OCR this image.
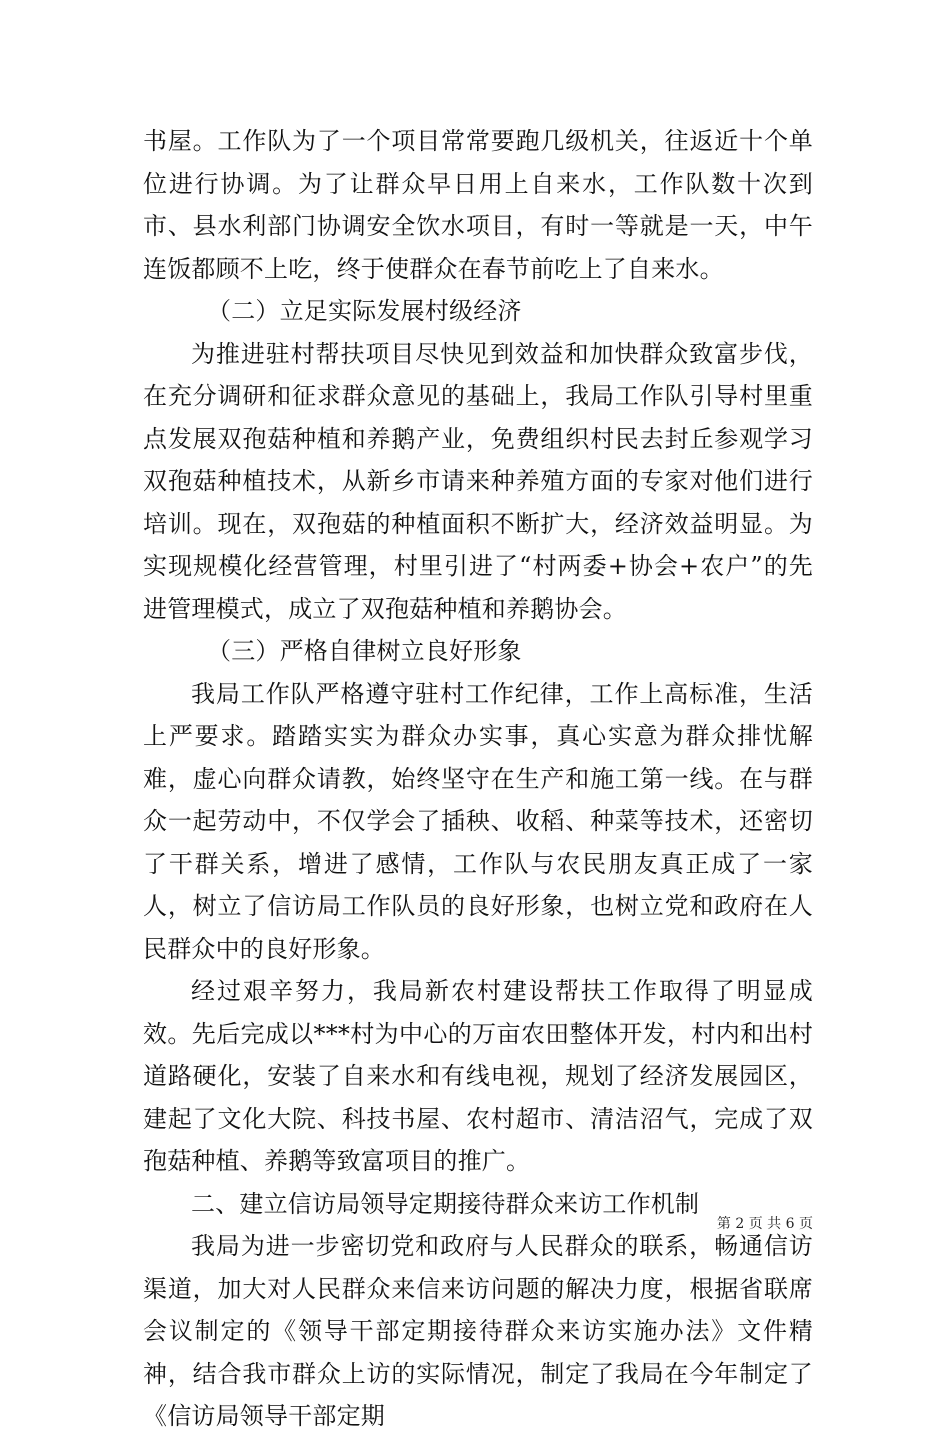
书屋。工作队为了一个项目常常要跑几级机关，往返近十个单位进行协调。为了让群众早日用上自来水，工作队数十次到市、县水利部门协调安全饮水项目，有时一等就是一天，中午连饭都顾不上吃，终于使群众在春节前吃上了自来水。

（二）立足实际发展村级经济

为推进驻村帮扶项目尽快见到效益和加快群众致富步伐，在充分调研和征求群众意见的基础上，我局工作队引导村里重点发展双孢菇种植和养鹅产业，免费组织村民去封丘参观学习双孢菇种植技术，从新乡市请来种养殖方面的专家对他们进行培训。现在，双孢菇的种植面积不断扩大，经济效益明显。为实现规模化经营管理，村里引进了“村两委+协会+农户”的先进管理模式，成立了双孢菇种植和养鹅协会。

（三）严格自律树立良好形象

我局工作队严格遵守驻村工作纪律，工作上高标准，生活上严要求。踏踏实实为群众办实事，真心实意为群众排忧解难，虚心向群众请教，始终坚守在生产和施工第一线。在与群众一起劳动中，不仅学会了插秧、收稻、种菜等技术，还密切了干群关系，增进了感情，工作队与农民朋友真正成了一家人，树立了信访局工作队员的良好形象，也树立党和政府在人民群众中的良好形象。

经过艰辛努力，我局新农村建设帮扶工作取得了明显成效。先后完成以***村为中心的万亩农田整体开发，村内和出村道路硬化，安装了自来水和有线电视，规划了经济发展园区，建起了文化大院、科技书屋、农村超市、清洁沼气，完成了双孢菇种植、养鹅等致富项目的推广。

二、建立信访局领导定期接待群众来访工作机制

我局为进一步密切党和政府与人民群众的联系，畅通信访渠道，加大对人民群众来信来访问题的解决力度，根据省联席会议制定的《领导干部定期接待群众来访实施办法》文件精神，结合我市群众上访的实际情况，制定了我局在今年制定了《信访局领导干部定期

第 2 页 共 6 页
